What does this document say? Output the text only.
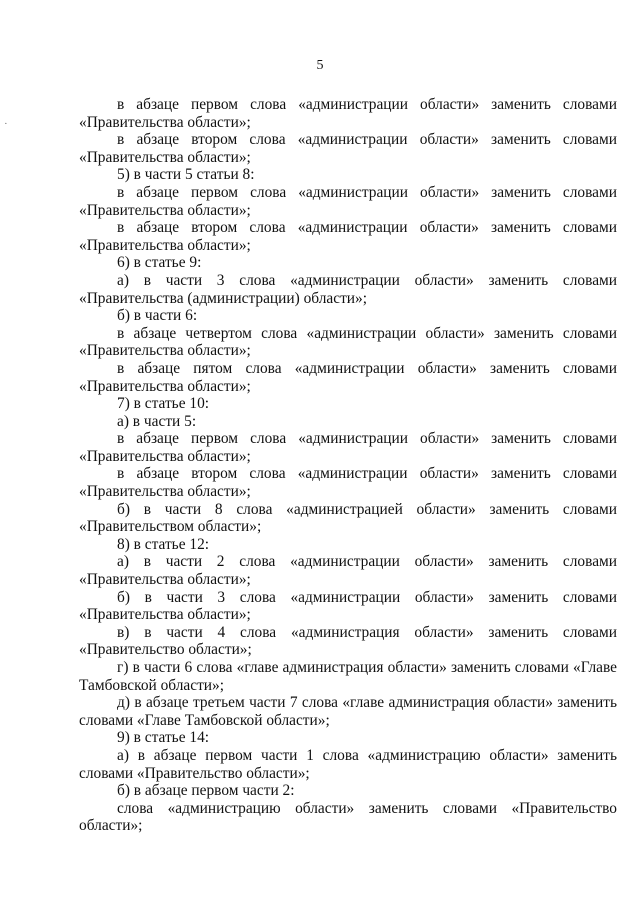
5
·

в абзаце первом слова «администрации области» заменить словами «Правительства области»;

в абзаце втором слова «администрации области» заменить словами «Правительства области»;

5) в части 5 статьи 8:

в абзаце первом слова «администрации области» заменить словами «Правительства области»;

в абзаце втором слова «администрации области» заменить словами «Правительства области»;

6) в статье 9:

а) в части 3 слова «администрации области» заменить словами «Правительства (администрации) области»;

б) в части 6:

в абзаце четвертом слова «администрации области» заменить словами «Правительства области»;

в абзаце пятом слова «администрации области» заменить словами «Правительства области»;

7) в статье 10:

а) в части 5:

в абзаце первом слова «администрации области» заменить словами «Правительства области»;

в абзаце втором слова «администрации области» заменить словами «Правительства области»;

б) в части 8 слова «администрацией области» заменить словами «Правительством области»;

8) в статье 12:

а) в части 2 слова «администрации области» заменить словами «Правительства области»;

б) в части 3 слова «администрации области» заменить словами «Правительства области»;

в) в части 4 слова «администрация области» заменить словами «Правительство области»;

г) в части 6 слова «главе администрация области» заменить словами «Главе Тамбовской области»;

д) в абзаце третьем части 7 слова «главе администрация области» заменить словами «Главе Тамбовской области»;

9) в статье 14:

а) в абзаце первом части 1 слова «администрацию области» заменить словами «Правительство области»;

б) в абзаце первом части 2:

слова «администрацию области» заменить словами «Правительство области»;
